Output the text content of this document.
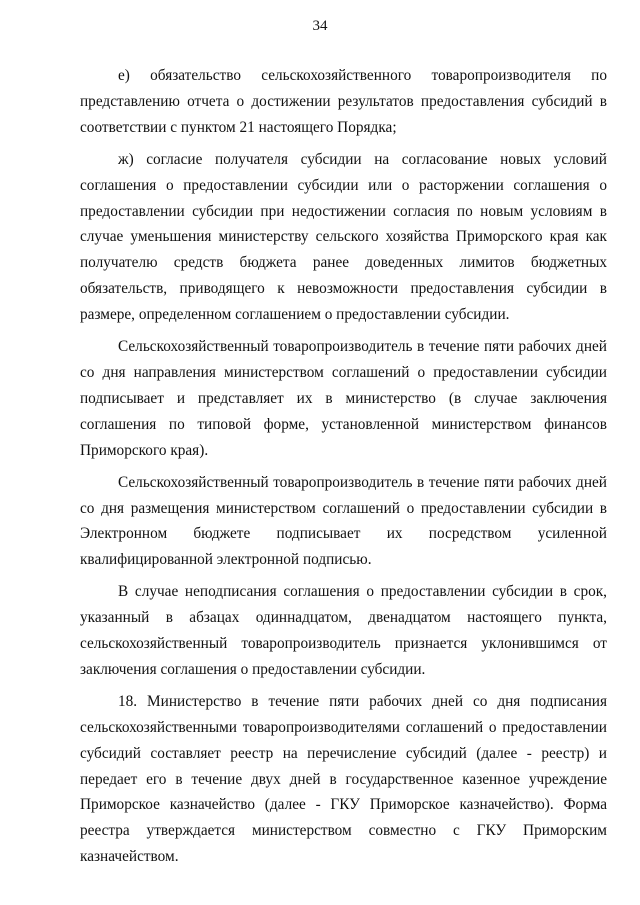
34

е) обязательство сельскохозяйственного товаропроизводителя по представлению отчета о достижении результатов предоставления субсидий в соответствии с пунктом 21 настоящего Порядка;

ж) согласие получателя субсидии на согласование новых условий соглашения о предоставлении субсидии или о расторжении соглашения о предоставлении субсидии при недостижении согласия по новым условиям в случае уменьшения министерству сельского хозяйства Приморского края как получателю средств бюджета ранее доведенных лимитов бюджетных обязательств, приводящего к невозможности предоставления субсидии в размере, определенном соглашением о предоставлении субсидии.

Сельскохозяйственный товаропроизводитель в течение пяти рабочих дней со дня направления министерством соглашений о предоставлении субсидии подписывает и представляет их в министерство (в случае заключения соглашения по типовой форме, установленной министерством финансов Приморского края).

Сельскохозяйственный товаропроизводитель в течение пяти рабочих дней со дня размещения министерством соглашений о предоставлении субсидии в Электронном бюджете подписывает их посредством усиленной квалифицированной электронной подписью.

В случае неподписания соглашения о предоставлении субсидии в срок, указанный в абзацах одиннадцатом, двенадцатом настоящего пункта, сельскохозяйственный товаропроизводитель признается уклонившимся от заключения соглашения о предоставлении субсидии.

18. Министерство в течение пяти рабочих дней со дня подписания сельскохозяйственными товаропроизводителями соглашений о предоставлении субсидий составляет реестр на перечисление субсидий (далее - реестр) и передает его в течение двух дней в государственное казенное учреждение Приморское казначейство (далее - ГКУ Приморское казначейство). Форма реестра утверждается министерством совместно с ГКУ Приморским казначейством.
